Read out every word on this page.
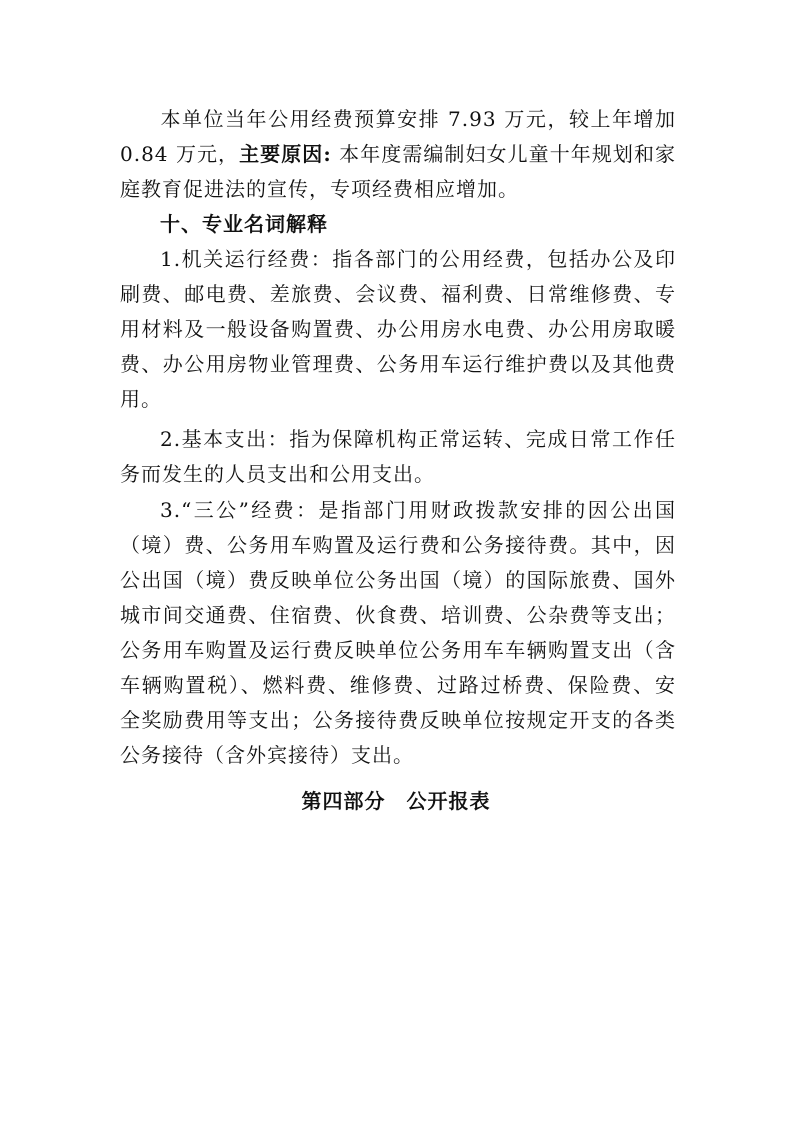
本单位当年公用经费预算安排 7.93 万元，较上年增加 0.84 万元，主要原因: 本年度需编制妇女儿童十年规划和家庭教育促进法的宣传，专项经费相应增加。

十、专业名词解释

1.机关运行经费：指各部门的公用经费，包括办公及印刷费、邮电费、差旅费、会议费、福利费、日常维修费、专用材料及一般设备购置费、办公用房水电费、办公用房取暖费、办公用房物业管理费、公务用车运行维护费以及其他费用。

2.基本支出：指为保障机构正常运转、完成日常工作任务而发生的人员支出和公用支出。

3.“三公”经费：是指部门用财政拨款安排的因公出国（境）费、公务用车购置及运行费和公务接待费。其中，因公出国（境）费反映单位公务出国（境）的国际旅费、国外城市间交通费、住宿费、伙食费、培训费、公杂费等支出；公务用车购置及运行费反映单位公务用车车辆购置支出（含车辆购置税）、燃料费、维修费、过路过桥费、保险费、安全奖励费用等支出；公务接待费反映单位按规定开支的各类公务接待（含外宾接待）支出。

第四部分　公开报表
